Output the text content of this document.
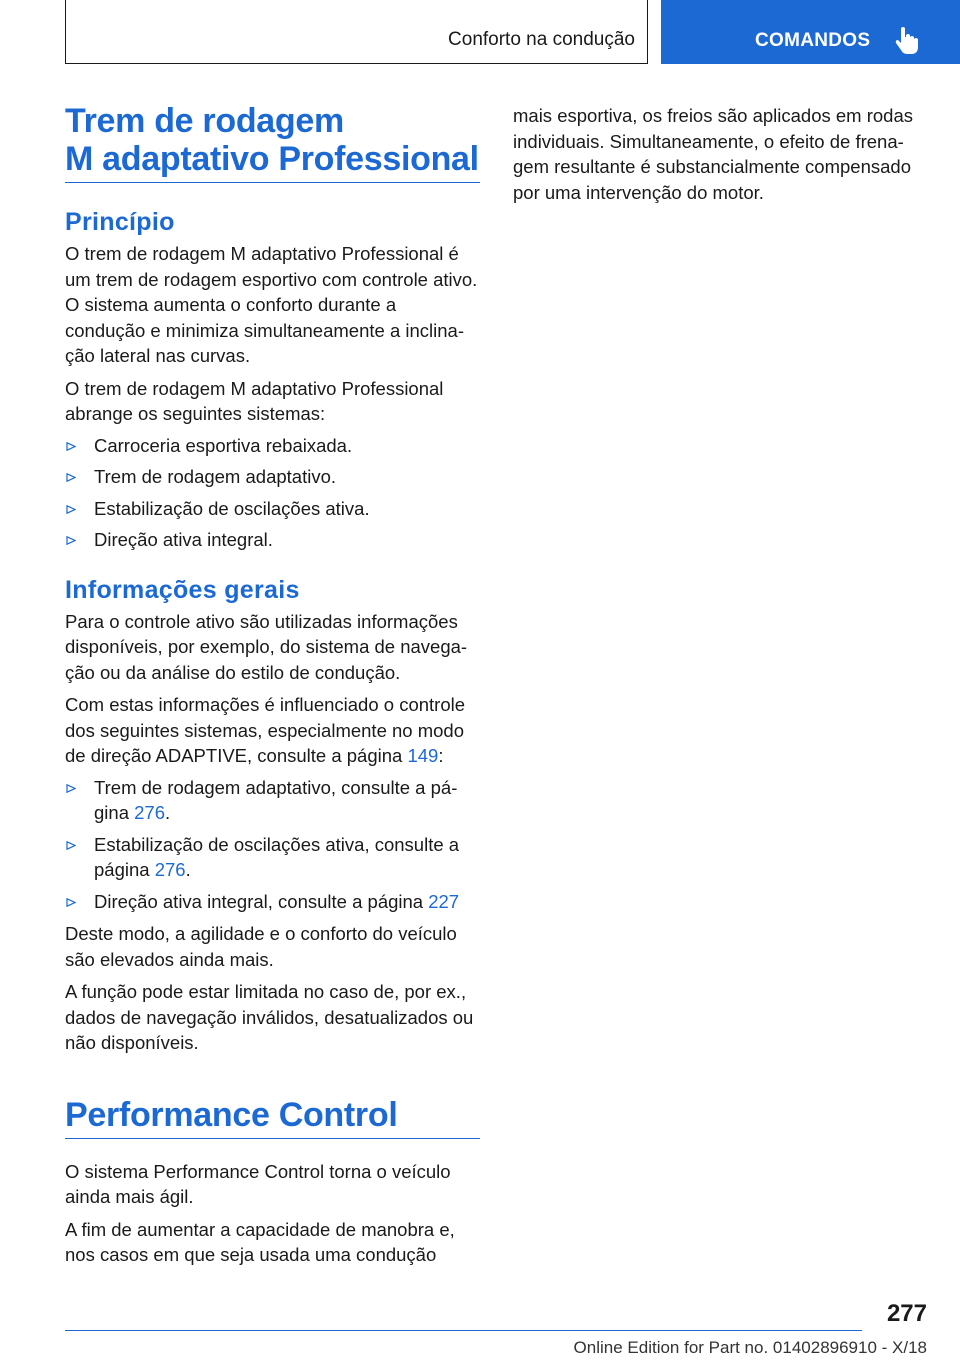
Conforto na condução	COMANDOS
Trem de rodagem
M adaptativo Professional
Princípio

O trem de rodagem M adaptativo Professional é um trem de rodagem esportivo com controle ativo. O sistema aumenta o conforto durante a condução e minimiza simultaneamente a inclina‐ção lateral nas curvas.

O trem de rodagem M adaptativo Professional abrange os seguintes sistemas:

Carroceria esportiva rebaixada.
Trem de rodagem adaptativo.
Estabilização de oscilações ativa.
Direção ativa integral.
Informações gerais

Para o controle ativo são utilizadas informações disponíveis, por exemplo, do sistema de navega‐ção ou da análise do estilo de condução.

Com estas informações é influenciado o controle dos seguintes sistemas, especialmente no modo de direção ADAPTIVE, consulte a página 149:

Trem de rodagem adaptativo, consulte a pá‐gina 276.
Estabilização de oscilações ativa, consulte a página 276.
Direção ativa integral, consulte a página 227

Deste modo, a agilidade e o conforto do veículo são elevados ainda mais.

A função pode estar limitada no caso de, por ex., dados de navegação inválidos, desatualizados ou não disponíveis.

Performance Control

O sistema Performance Control torna o veículo ainda mais ágil.

A fim de aumentar a capacidade de manobra e, nos casos em que seja usada uma condução

mais esportiva, os freios são aplicados em rodas individuais. Simultaneamente, o efeito de frena‐gem resultante é substancialmente compensado por uma intervenção do motor.

277
Online Edition for Part no. 01402896910 - X/18
